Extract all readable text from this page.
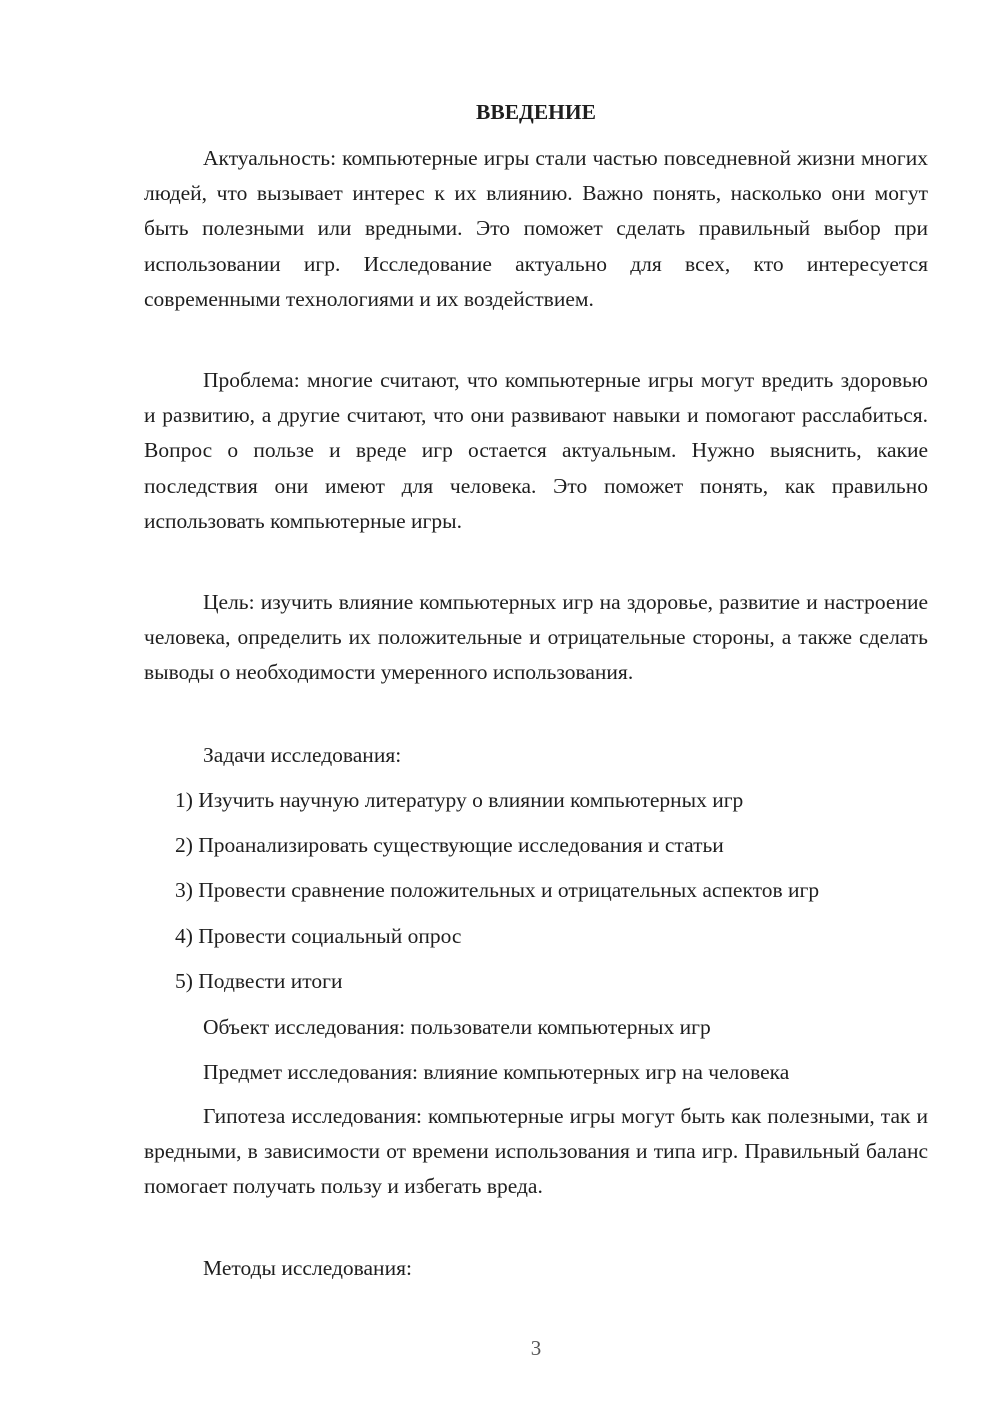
ВВЕДЕНИЕ

Актуальность: компьютерные игры стали частью повседневной жизни многих людей, что вызывает интерес к их влиянию. Важно понять, насколько они могут быть полезными или вредными. Это поможет сделать правильный выбор при использовании игр. Исследование актуально для всех, кто интересуется современными технологиями и их воздействием.

Проблема: многие считают, что компьютерные игры могут вредить здоровью и развитию, а другие считают, что они развивают навыки и помогают расслабиться. Вопрос о пользе и вреде игр остается актуальным. Нужно выяснить, какие последствия они имеют для человека. Это поможет понять, как правильно использовать компьютерные игры.

Цель: изучить влияние компьютерных игр на здоровье, развитие и настроение человека, определить их положительные и отрицательные стороны, а также сделать выводы о необходимости умеренного использования.

Задачи исследования:
1) Изучить научную литературу о влиянии компьютерных игр
2) Проанализировать существующие исследования и статьи
3) Провести сравнение положительных и отрицательных аспектов игр
4) Провести социальный опрос
5) Подвести итоги
Объект исследования: пользователи компьютерных игр
Предмет исследования: влияние компьютерных игр на человека

Гипотеза исследования: компьютерные игры могут быть как полезными, так и вредными, в зависимости от времени использования и типа игр. Правильный баланс помогает получать пользу и избегать вреда.

Методы исследования:
3
